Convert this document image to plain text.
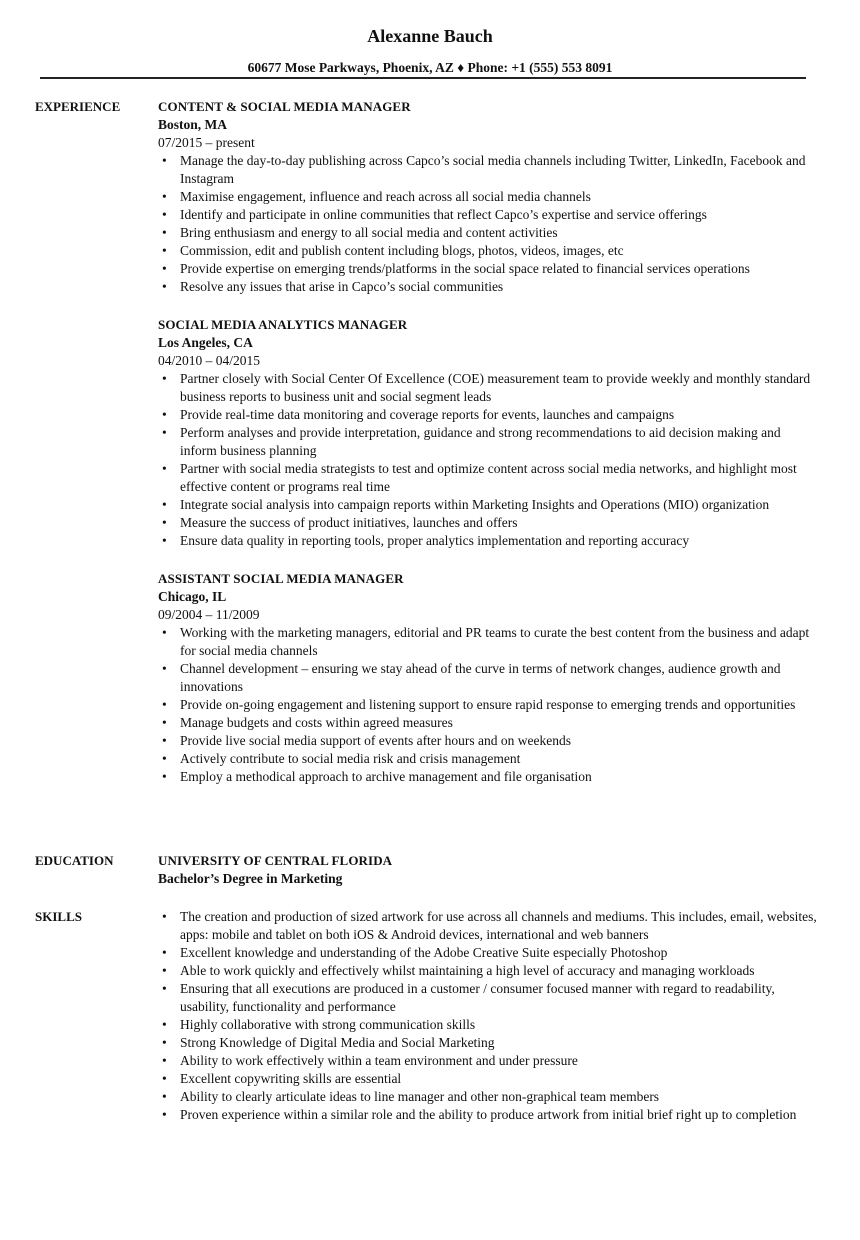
Alexanne Bauch
60677 Mose Parkways, Phoenix, AZ ♦ Phone: +1 (555) 553 8091
EXPERIENCE	CONTENT & SOCIAL MEDIA MANAGER
Boston, MA
07/2015 – present
• Manage the day-to-day publishing across Capco’s social media channels including Twitter, LinkedIn, Facebook and Instagram
• Maximise engagement, influence and reach across all social media channels
• Identify and participate in online communities that reflect Capco’s expertise and service offerings
• Bring enthusiasm and energy to all social media and content activities
• Commission, edit and publish content including blogs, photos, videos, images, etc
• Provide expertise on emerging trends/platforms in the social space related to financial services operations
• Resolve any issues that arise in Capco’s social communities
SOCIAL MEDIA ANALYTICS MANAGER
Los Angeles, CA
04/2010 – 04/2015
• Partner closely with Social Center Of Excellence (COE) measurement team to provide weekly and monthly standard business reports to business unit and social segment leads
• Provide real-time data monitoring and coverage reports for events, launches and campaigns
• Perform analyses and provide interpretation, guidance and strong recommendations to aid decision making and inform business planning
• Partner with social media strategists to test and optimize content across social media networks, and highlight most effective content or programs real time
• Integrate social analysis into campaign reports within Marketing Insights and Operations (MIO) organization
• Measure the success of product initiatives, launches and offers
• Ensure data quality in reporting tools, proper analytics implementation and reporting accuracy
ASSISTANT SOCIAL MEDIA MANAGER
Chicago, IL
09/2004 – 11/2009
• Working with the marketing managers, editorial and PR teams to curate the best content from the business and adapt for social media channels
• Channel development – ensuring we stay ahead of the curve in terms of network changes, audience growth and innovations
• Provide on-going engagement and listening support to ensure rapid response to emerging trends and opportunities
• Manage budgets and costs within agreed measures
• Provide live social media support of events after hours and on weekends
• Actively contribute to social media risk and crisis management
• Employ a methodical approach to archive management and file organisation
EDUCATION	UNIVERSITY OF CENTRAL FLORIDA
Bachelor’s Degree in Marketing
SKILLS
•	The creation and production of sized artwork for use across all channels and mediums. This includes, email, websites, apps: mobile and tablet on both iOS & Android devices, international and web banners
• Excellent knowledge and understanding of the Adobe Creative Suite especially Photoshop
• Able to work quickly and effectively whilst maintaining a high level of accuracy and managing workloads
• Ensuring that all executions are produced in a customer / consumer focused manner with regard to readability, usability, functionality and performance
• Highly collaborative with strong communication skills
• Strong Knowledge of Digital Media and Social Marketing
• Ability to work effectively within a team environment and under pressure
• Excellent copywriting skills are essential
• Ability to clearly articulate ideas to line manager and other non-graphical team members
• Proven experience within a similar role and the ability to produce artwork from initial brief right up to completion
